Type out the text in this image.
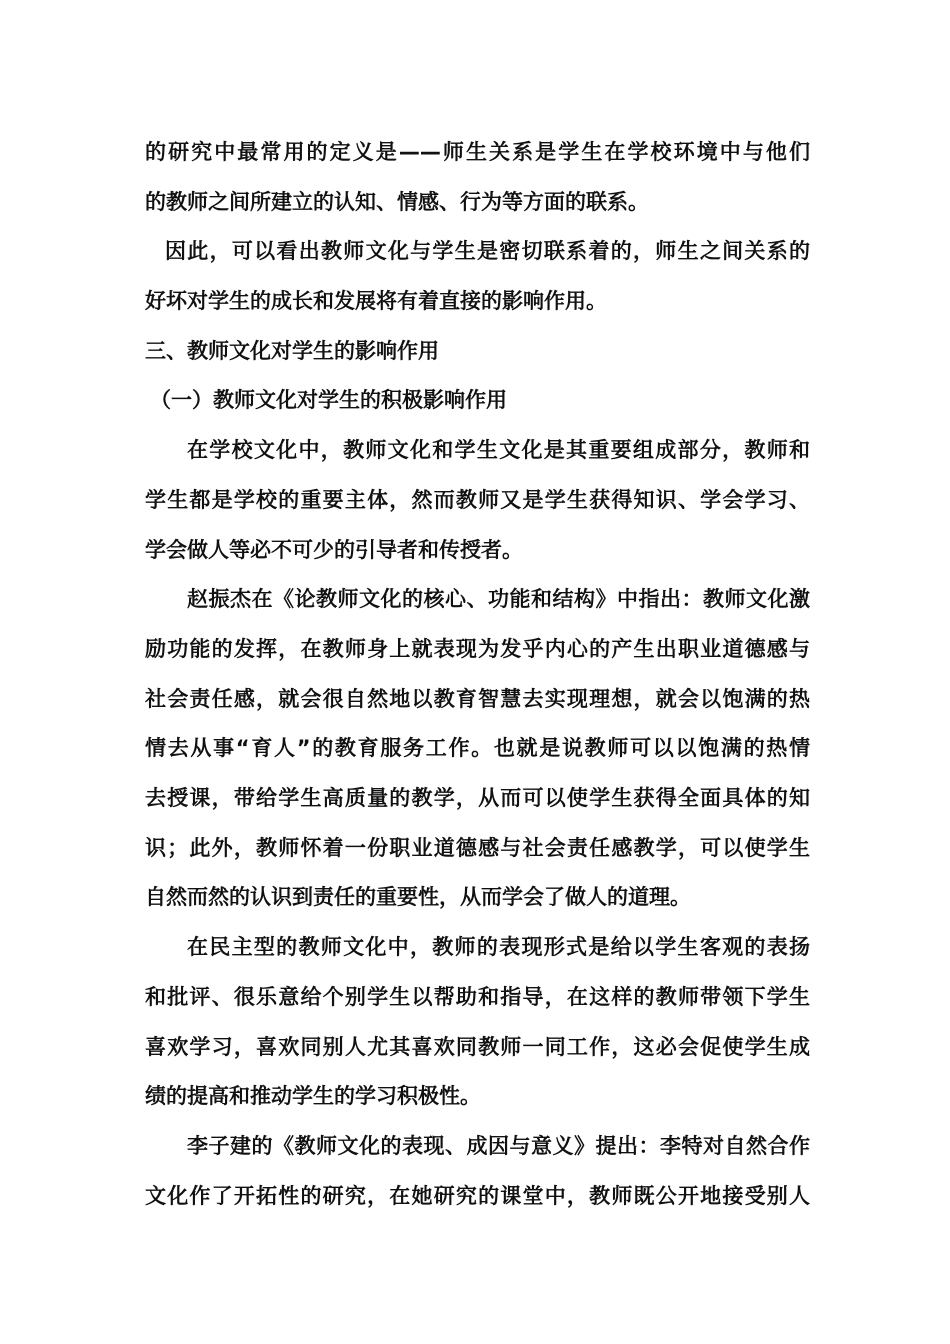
的研究中最常用的定义是——师生关系是学生在学校环境中与他们
的教师之间所建立的认知、情感、行为等方面的联系。
因此，可以看出教师文化与学生是密切联系着的，师生之间关系的
好坏对学生的成长和发展将有着直接的影响作用。
三、教师文化对学生的影响作用
（一）教师文化对学生的积极影响作用
在学校文化中，教师文化和学生文化是其重要组成部分，教师和
学生都是学校的重要主体，然而教师又是学生获得知识、学会学习、
学会做人等必不可少的引导者和传授者。
赵振杰在《论教师文化的核心、功能和结构》中指出：教师文化激
励功能的发挥，在教师身上就表现为发乎内心的产生出职业道德感与
社会责任感，就会很自然地以教育智慧去实现理想，就会以饱满的热
情去从事“育人”的教育服务工作。也就是说教师可以以饱满的热情
去授课，带给学生高质量的教学，从而可以使学生获得全面具体的知
识；此外，教师怀着一份职业道德感与社会责任感教学，可以使学生
自然而然的认识到责任的重要性，从而学会了做人的道理。
在民主型的教师文化中，教师的表现形式是给以学生客观的表扬
和批评、很乐意给个别学生以帮助和指导，在这样的教师带领下学生
喜欢学习，喜欢同别人尤其喜欢同教师一同工作，这必会促使学生成
绩的提高和推动学生的学习积极性。
李子建的《教师文化的表现、成因与意义》提出：李特对自然合作
文化作了开拓性的研究，在她研究的课堂中，教师既公开地接受别人
